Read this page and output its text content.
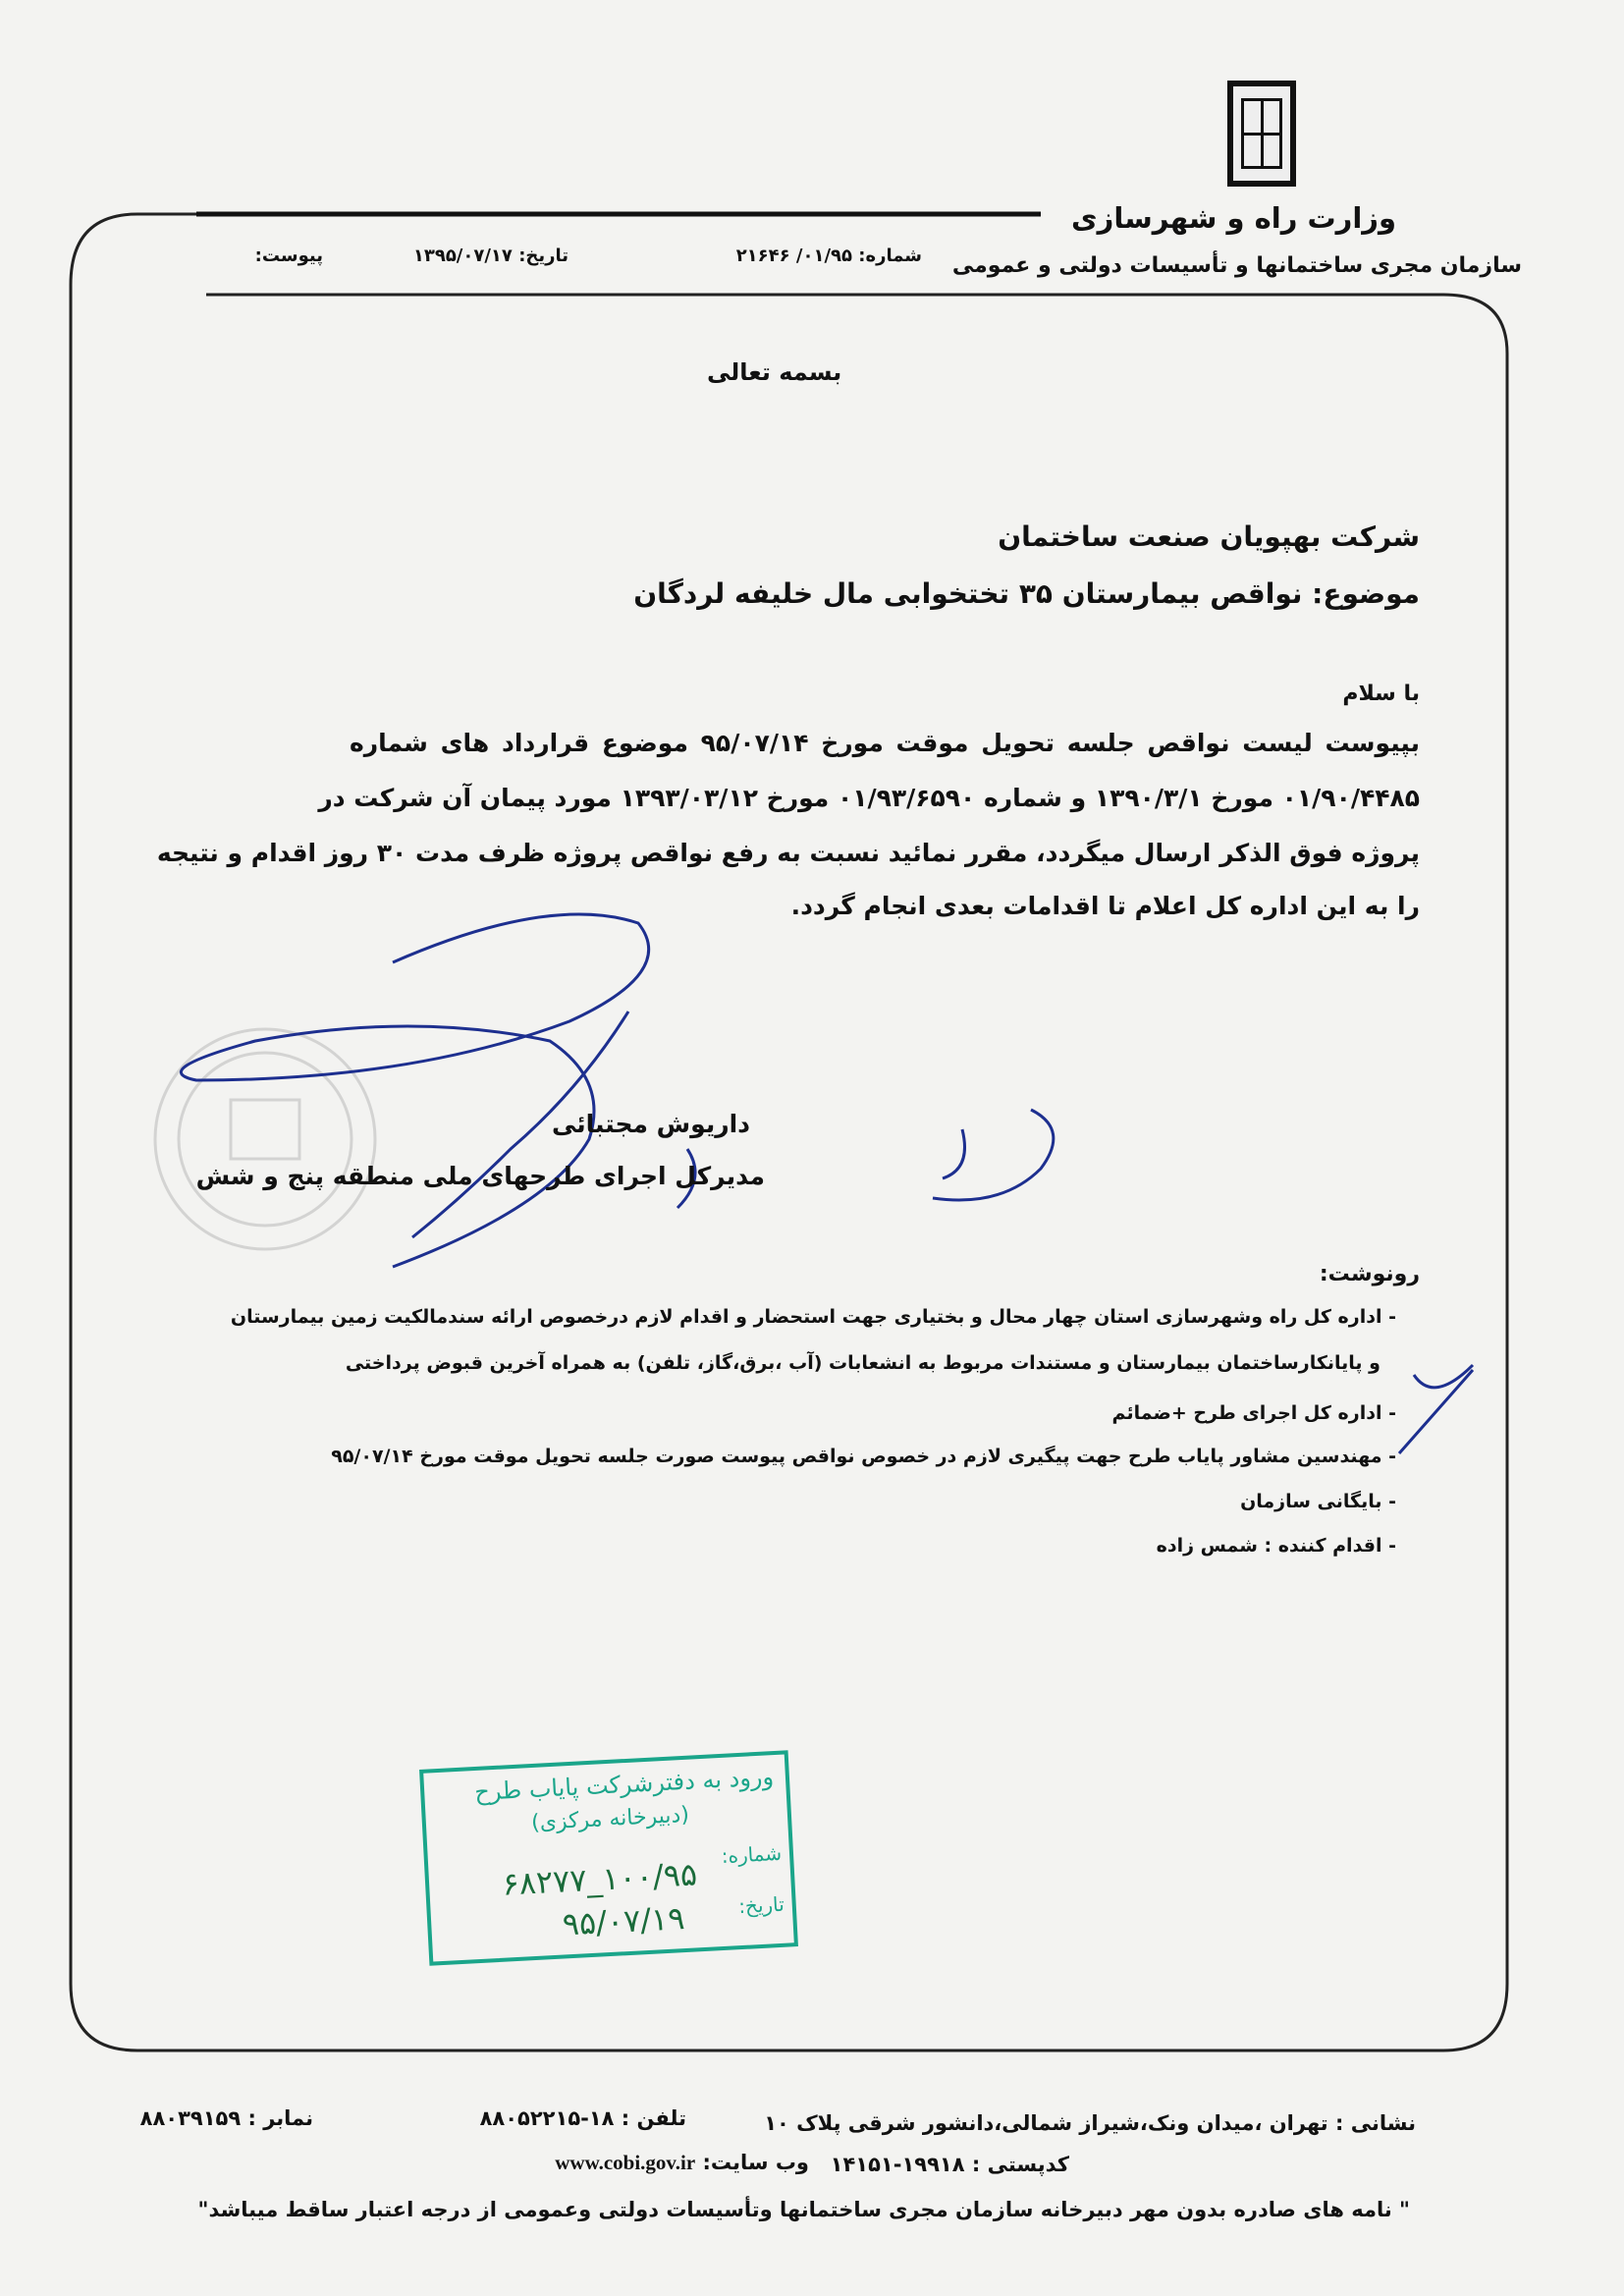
وزارت راه و شهرسازی
سازمان مجری ساختمانها و تأسیسات دولتی و عمومی
شماره: ۰۱/۹۵/ ۲۱۶۴۶
تاریخ: ۱۳۹۵/۰۷/۱۷
پیوست:
بسمه تعالی
شرکت بهپویان صنعت ساختمان
موضوع: نواقص بیمارستان ۳۵ تختخوابی مال خلیفه لردگان
با سلام
بپیوست لیست نواقص جلسه تحویل موقت مورخ ۹۵/۰۷/۱۴ موضوع قرارداد های شماره
۰۱/۹۰/۴۴۸۵ مورخ ۱۳۹۰/۳/۱ و شماره ۰۱/۹۳/۶۵۹۰ مورخ ۱۳۹۳/۰۳/۱۲ مورد پیمان آن شرکت در
پروژه فوق الذکر ارسال میگردد، مقرر نمائید نسبت به رفع نواقص پروژه ظرف مدت ۳۰ روز اقدام و نتیجه
را به این اداره کل اعلام تا اقدامات بعدی انجام گردد.
داریوش مجتبائی
مدیرکل اجرای طرحهای ملی منطقه پنج و شش
رونوشت:
- اداره کل راه وشهرسازی استان چهار محال و بختیاری جهت استحضار و اقدام لازم درخصوص ارائه سندمالکیت زمین بیمارستان
و پایانکارساختمان بیمارستان و مستندات مربوط به انشعابات (آب ،برق،گاز، تلفن) به همراه آخرین قبوض پرداختی
- اداره کل اجرای طرح +ضمائم
- مهندسین مشاور پایاب طرح جهت پیگیری لازم در خصوص نواقص پیوست صورت جلسه تحویل موقت مورخ ۹۵/۰۷/۱۴
- بایگانی سازمان
- اقدام کننده : شمس زاده
ورود به دفترشرکت پایاب طرح
(دبیرخانه مرکزی)
شماره:
۱۰۰/۹۵_۶۸۲۷۷
تاریخ:
۹۵/۰۷/۱۹
نشانی : تهران ،میدان ونک،شیراز شمالی،دانشور شرقی پلاک ۱۰
تلفن : ۱۸-۸۸۰۵۲۲۱۵
نمابر : ۸۸۰۳۹۱۵۹
کدپستی : ۱۹۹۱۸-۱۴۱۵۱
وب سایت: www.cobi.gov.ir
" نامه های صادره بدون مهر دبیرخانه سازمان مجری ساختمانها وتأسیسات دولتی وعمومی از درجه اعتبار ساقط میباشد"
